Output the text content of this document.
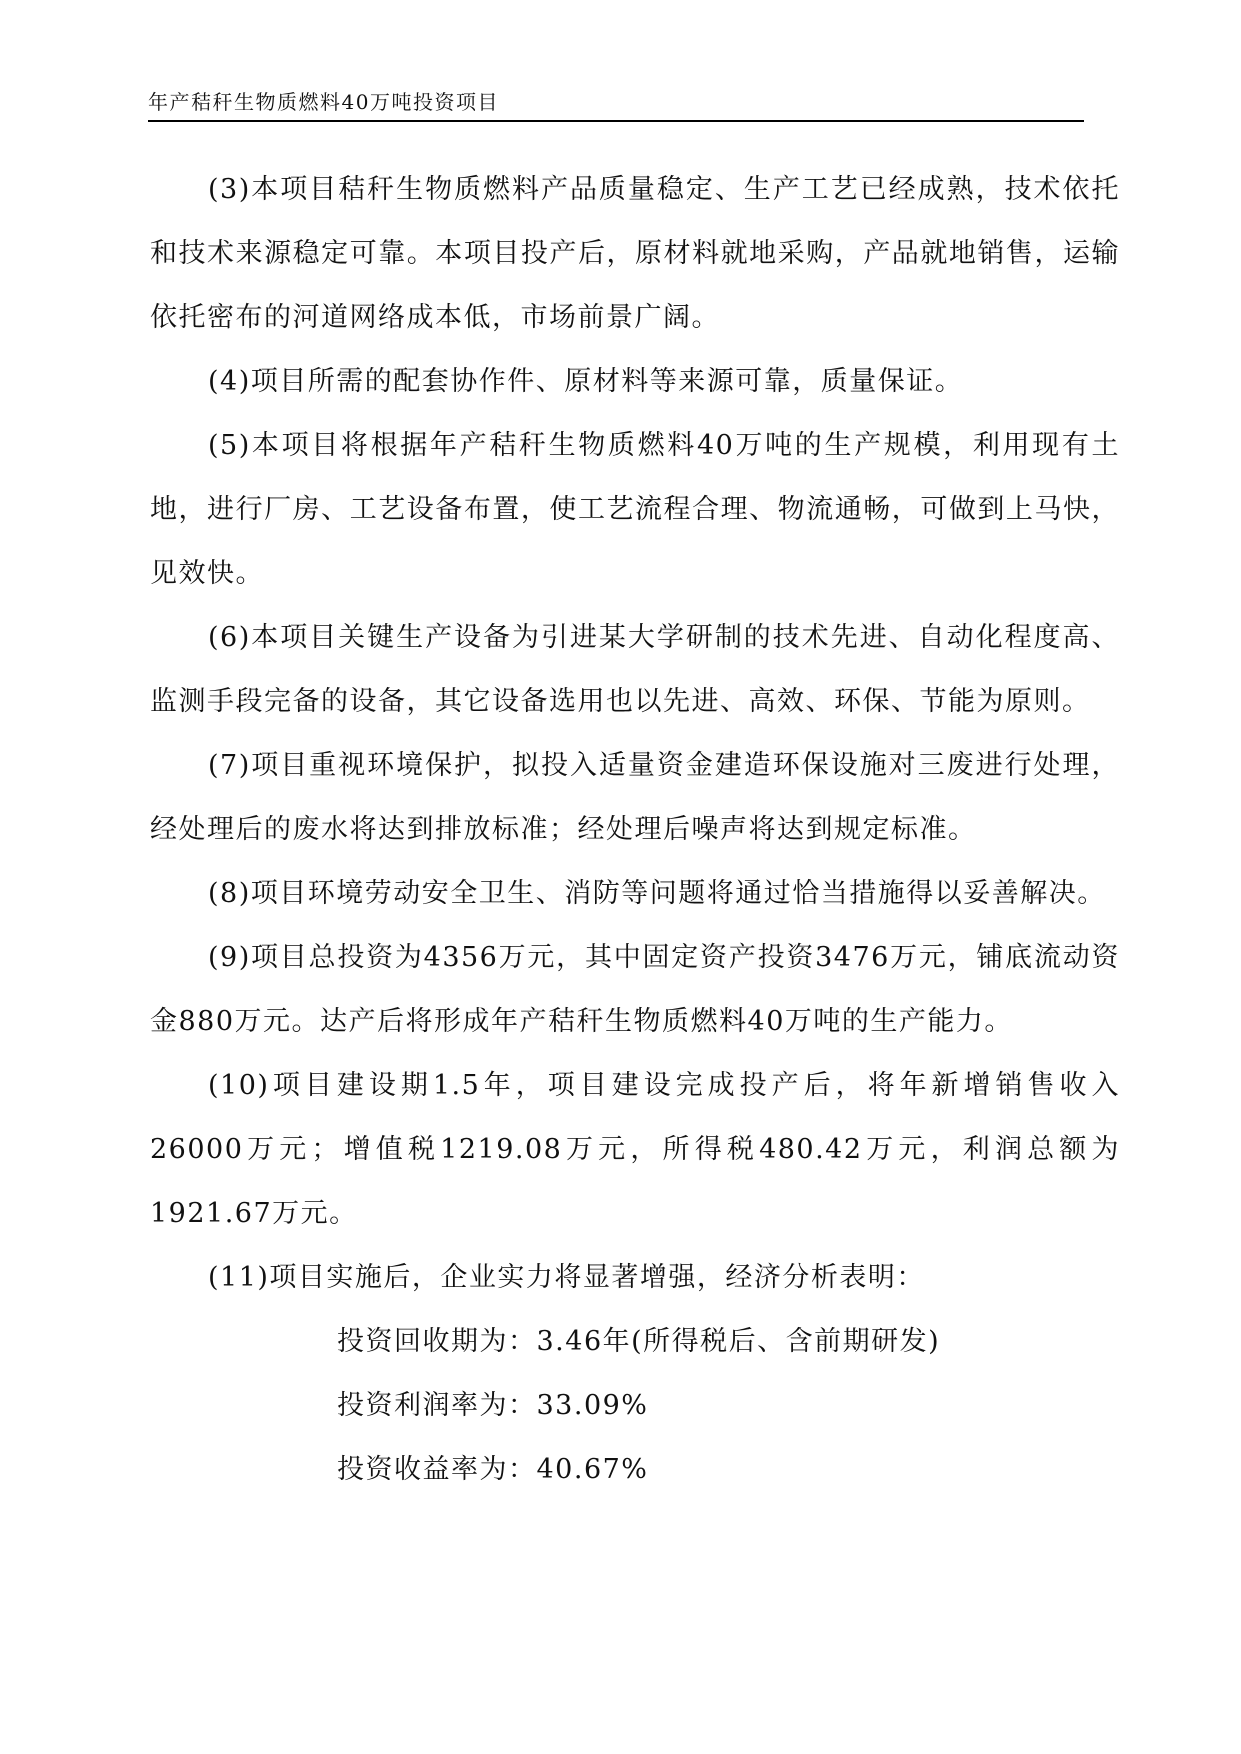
年产秸秆生物质燃料40万吨投资项目

(3)本项目秸秆生物质燃料产品质量稳定、生产工艺已经成熟，技术依托和技术来源稳定可靠。本项目投产后，原材料就地采购，产品就地销售，运输依托密布的河道网络成本低，市场前景广阔。

(4)项目所需的配套协作件、原材料等来源可靠，质量保证。

(5)本项目将根据年产秸秆生物质燃料40万吨的生产规模，利用现有土地，进行厂房、工艺设备布置，使工艺流程合理、物流通畅，可做到上马快，见效快。

(6)本项目关键生产设备为引进某大学研制的技术先进、自动化程度高、监测手段完备的设备，其它设备选用也以先进、高效、环保、节能为原则。

(7)项目重视环境保护，拟投入适量资金建造环保设施对三废进行处理，经处理后的废水将达到排放标准；经处理后噪声将达到规定标准。

(8)项目环境劳动安全卫生、消防等问题将通过恰当措施得以妥善解决。

(9)项目总投资为4356万元，其中固定资产投资3476万元，铺底流动资金880万元。达产后将形成年产秸秆生物质燃料40万吨的生产能力。

(10)项目建设期1.5年，项目建设完成投产后，将年新增销售收入26000万元；增值税1219.08万元，所得税480.42万元，利润总额为1921.67万元。

(11)项目实施后，企业实力将显著增强，经济分析表明：

投资回收期为：3.46年(所得税后、含前期研发)

投资利润率为：33.09%

投资收益率为：40.67%
